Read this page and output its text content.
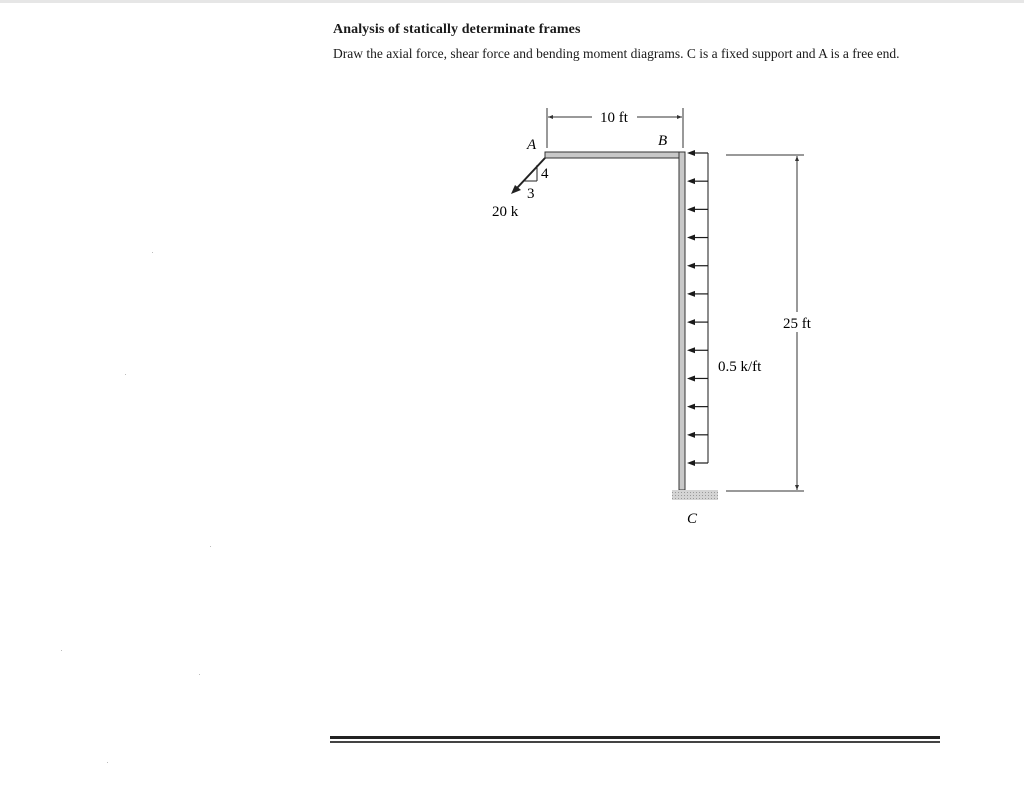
Analysis of statically determinate frames
Draw the axial force, shear force and bending moment diagrams. C is a fixed support and A is a free end.
10 ft
25 ft
A	B
C
4
3
20 k
0.5 k/ft
